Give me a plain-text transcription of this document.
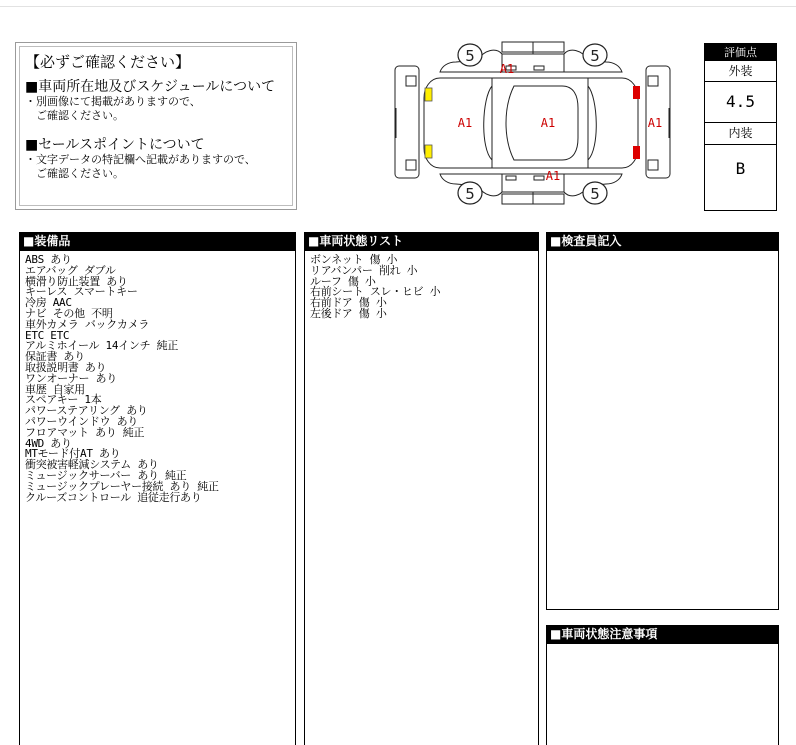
【必ずご確認ください】
■車両所在地及びスケジュールについて
・別画像にて掲載がありますので、
　ご確認ください。
■セールスポイントについて
・文字データの特記欄へ記載がありますので、
　ご確認ください。
5	5
5	5
A1
A1	A1	A1
A1
評価点
外装
4.5
内装
B
■装備品
ABS あり
エアバッグ ダブル
横滑り防止装置 あり
キーレス スマートキー
冷房 AAC
ナビ その他 不明
車外カメラ バックカメラ
ETC ETC
アルミホイール 14インチ 純正
保証書 あり
取扱説明書 あり
ワンオーナー あり
車歴 自家用
スペアキー 1本
パワーステアリング あり
パワーウインドウ あり
フロアマット あり 純正
4WD あり
MTモード付AT あり
衝突被害軽減システム あり
ミュージックサーバー あり 純正
ミュージックプレーヤー接続 あり 純正
クルーズコントロール 追従走行あり
■車両状態リスト
ボンネット 傷 小
リアバンパー 削れ 小
ルーフ 傷 小
右前シート スレ・ヒビ 小
右前ドア 傷 小
左後ドア 傷 小
■検査員記入
■車両状態注意事項
